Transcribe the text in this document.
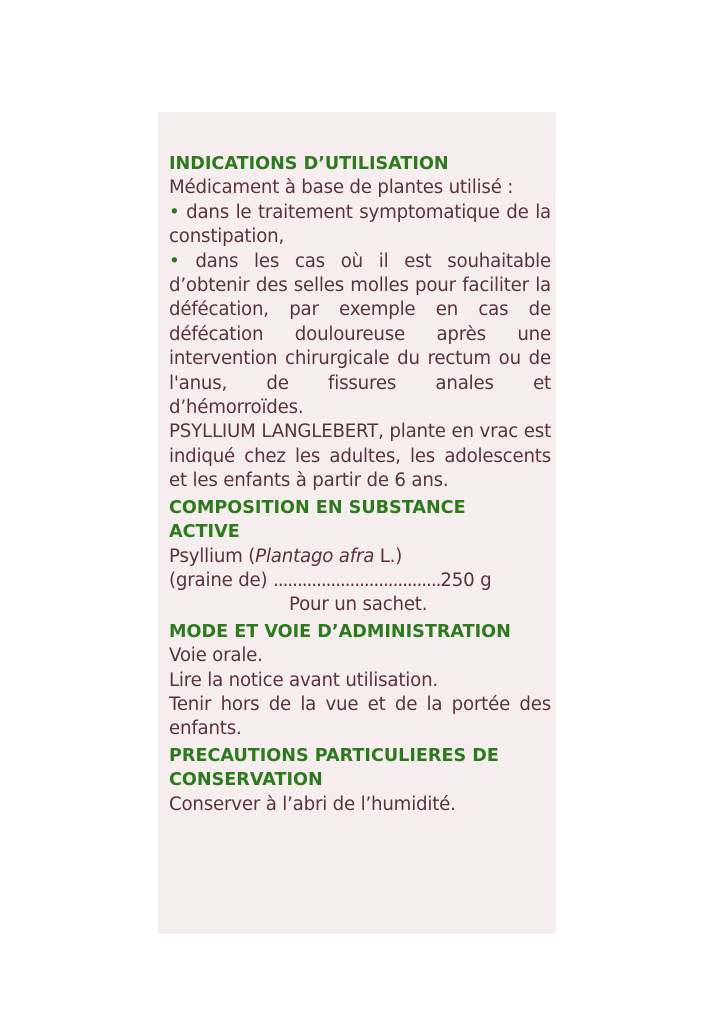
INDICATIONS D’UTILISATION

Médicament à base de plantes utilisé :

• dans le traitement symptomatique de la constipation,

• dans les cas où il est souhaitable d’obtenir des selles molles pour faciliter la défécation, par exemple en cas de défécation douloureuse après une intervention chirurgicale du rectum ou de l'anus, de fissures anales et d’hémorroïdes.

PSYLLIUM LANGLEBERT, plante en vrac est indiqué chez les adultes, les adolescents et les enfants à partir de 6 ans.

COMPOSITION EN SUBSTANCE
ACTIVE

Psyllium (Plantago afra L.)

(graine de) ...................................250 g

Pour un sachet.

MODE ET VOIE D’ADMINISTRATION

Voie orale.

Lire la notice avant utilisation.

Tenir hors de la vue et de la portée des enfants.

PRECAUTIONS PARTICULIERES DE
CONSERVATION

Conserver à l’abri de l’humidité.
